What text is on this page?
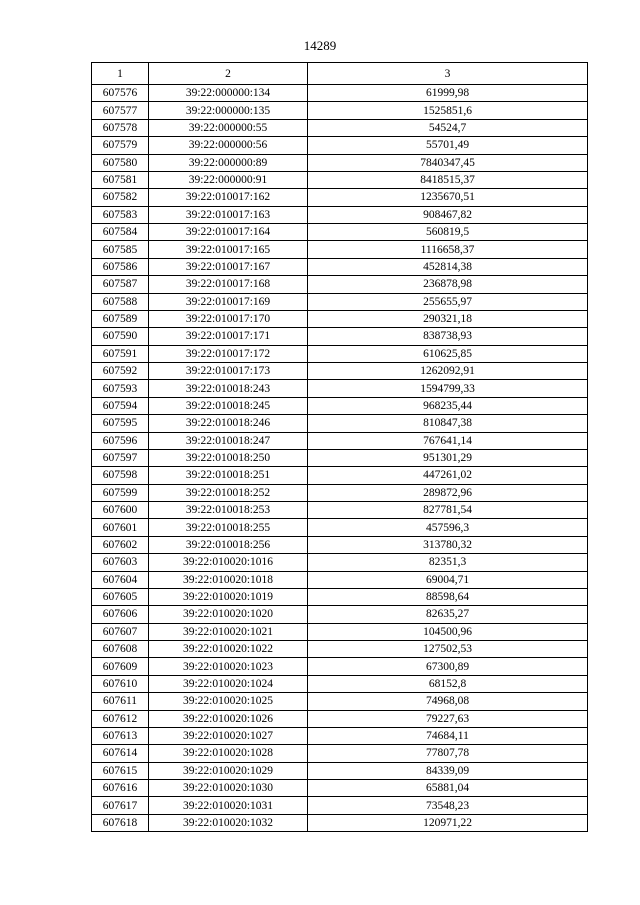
14289
1	2	3
607576	39:22:000000:134	61999,98
607577	39:22:000000:135	1525851,6
607578	39:22:000000:55	54524,7
607579	39:22:000000:56	55701,49
607580	39:22:000000:89	7840347,45
607581	39:22:000000:91	8418515,37
607582	39:22:010017:162	1235670,51
607583	39:22:010017:163	908467,82
607584	39:22:010017:164	560819,5
607585	39:22:010017:165	1116658,37
607586	39:22:010017:167	452814,38
607587	39:22:010017:168	236878,98
607588	39:22:010017:169	255655,97
607589	39:22:010017:170	290321,18
607590	39:22:010017:171	838738,93
607591	39:22:010017:172	610625,85
607592	39:22:010017:173	1262092,91
607593	39:22:010018:243	1594799,33
607594	39:22:010018:245	968235,44
607595	39:22:010018:246	810847,38
607596	39:22:010018:247	767641,14
607597	39:22:010018:250	951301,29
607598	39:22:010018:251	447261,02
607599	39:22:010018:252	289872,96
607600	39:22:010018:253	827781,54
607601	39:22:010018:255	457596,3
607602	39:22:010018:256	313780,32
607603	39:22:010020:1016	82351,3
607604	39:22:010020:1018	69004,71
607605	39:22:010020:1019	88598,64
607606	39:22:010020:1020	82635,27
607607	39:22:010020:1021	104500,96
607608	39:22:010020:1022	127502,53
607609	39:22:010020:1023	67300,89
607610	39:22:010020:1024	68152,8
607611	39:22:010020:1025	74968,08
607612	39:22:010020:1026	79227,63
607613	39:22:010020:1027	74684,11
607614	39:22:010020:1028	77807,78
607615	39:22:010020:1029	84339,09
607616	39:22:010020:1030	65881,04
607617	39:22:010020:1031	73548,23
607618	39:22:010020:1032	120971,22
